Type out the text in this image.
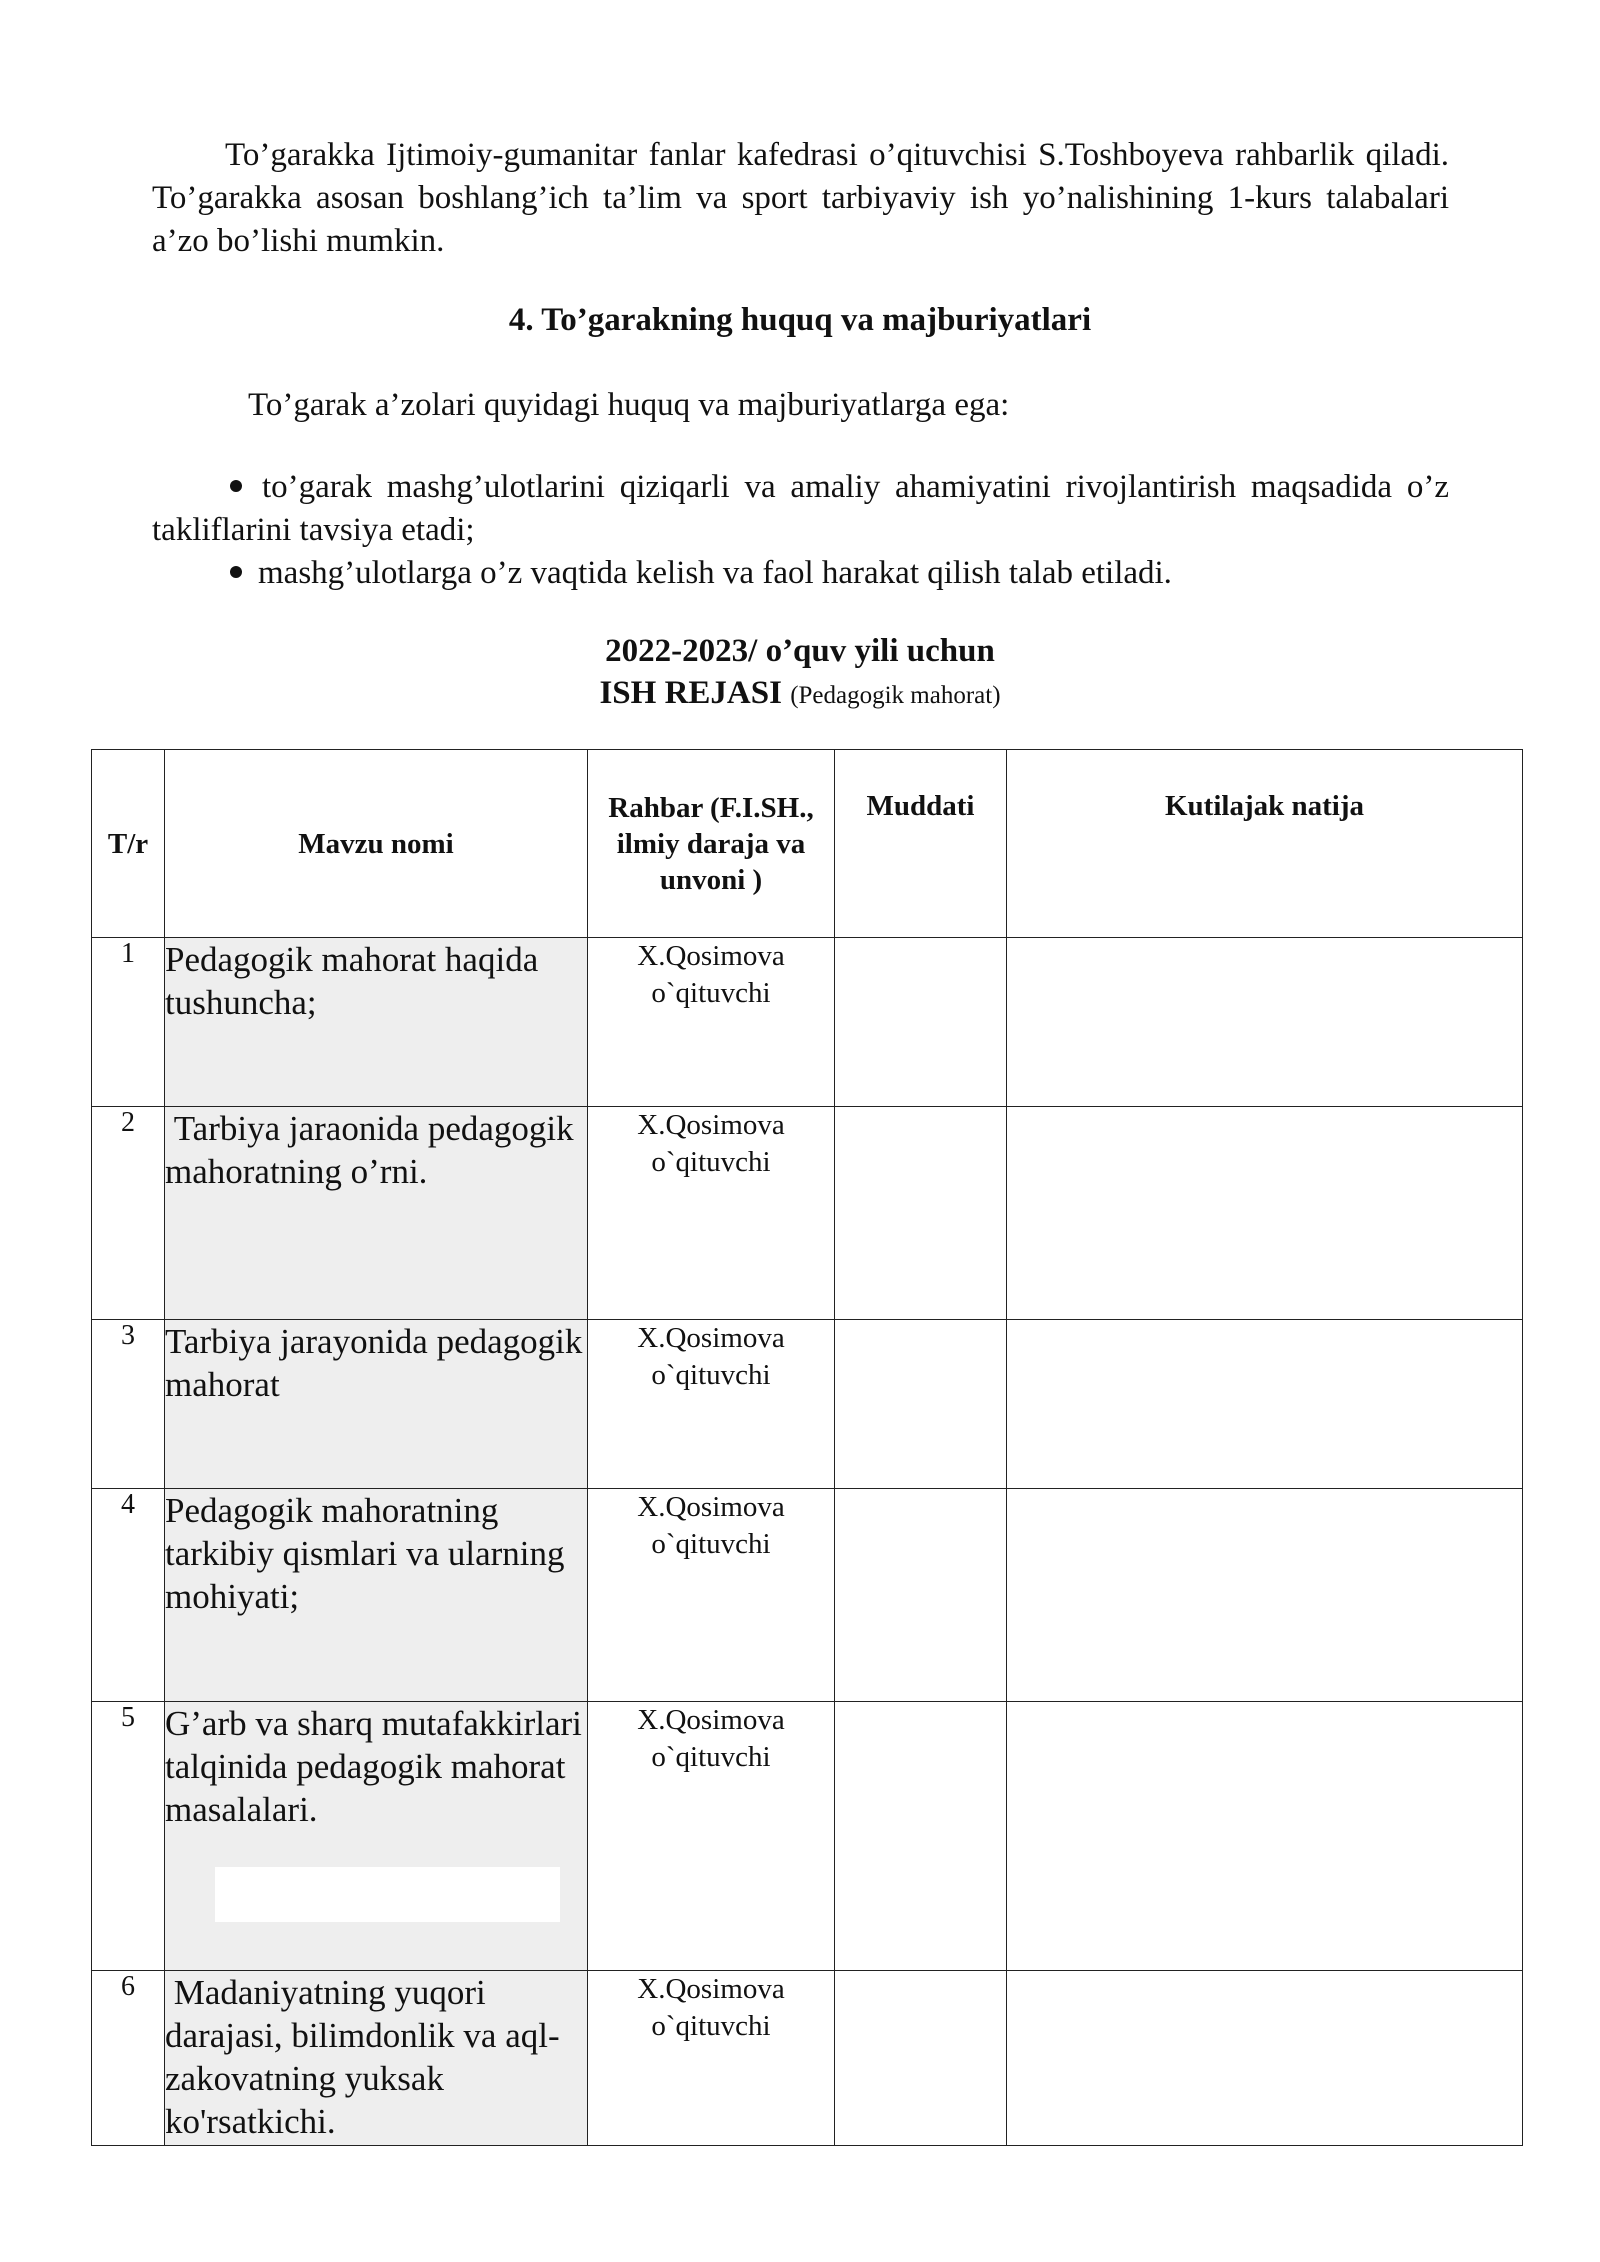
To’garakka Ijtimoiy-gumanitar fanlar kafedrasi o’qituvchisi S.Toshboyeva rahbarlik qiladi. To’garakka asosan boshlang’ich ta’lim va sport tarbiyaviy ish yo’nalishining 1-kurs talabalari a’zo bo’lishi mumkin.
4. To’garakning huquq va majburiyatlari
To’garak a’zolari quyidagi huquq va majburiyatlarga ega:
to’garak mashg’ulotlarini qiziqarli va amaliy ahamiyatini rivojlantirish maqsadida o’z takliflarini tavsiya etadi;
mashg’ulotlarga o’z vaqtida kelish va faol harakat qilish talab etiladi.
2022-2023/ o’quv yili uchun
ISH REJASI (Pedagogik mahorat)
T/r	Mavzu nomi	Rahbar (F.I.SH., ilmiy daraja va unvoni )	Muddati	Kutilajak natija
1	Pedagogik mahorat haqida tushuncha;	X.Qosimova
o`qituvchi		

2	Tarbiya jaraonida pedagogik mahoratning o’rni.	X.Qosimova
o`qituvchi		

3	Tarbiya jarayonida pedagogik mahorat	X.Qosimova
o`qituvchi		

4	Pedagogik mahoratning tarkibiy qismlari va ularning mohiyati;	X.Qosimova
o`qituvchi		

5	G’arb va sharq mutafakkirlari talqinida pedagogik mahorat masalalari.	X.Qosimova
o`qituvchi		

6	Madaniyatning yuqori darajasi, bilimdonlik va aql-zakovatning yuksak ko'rsatkichi.	X.Qosimova
o`qituvchi		
